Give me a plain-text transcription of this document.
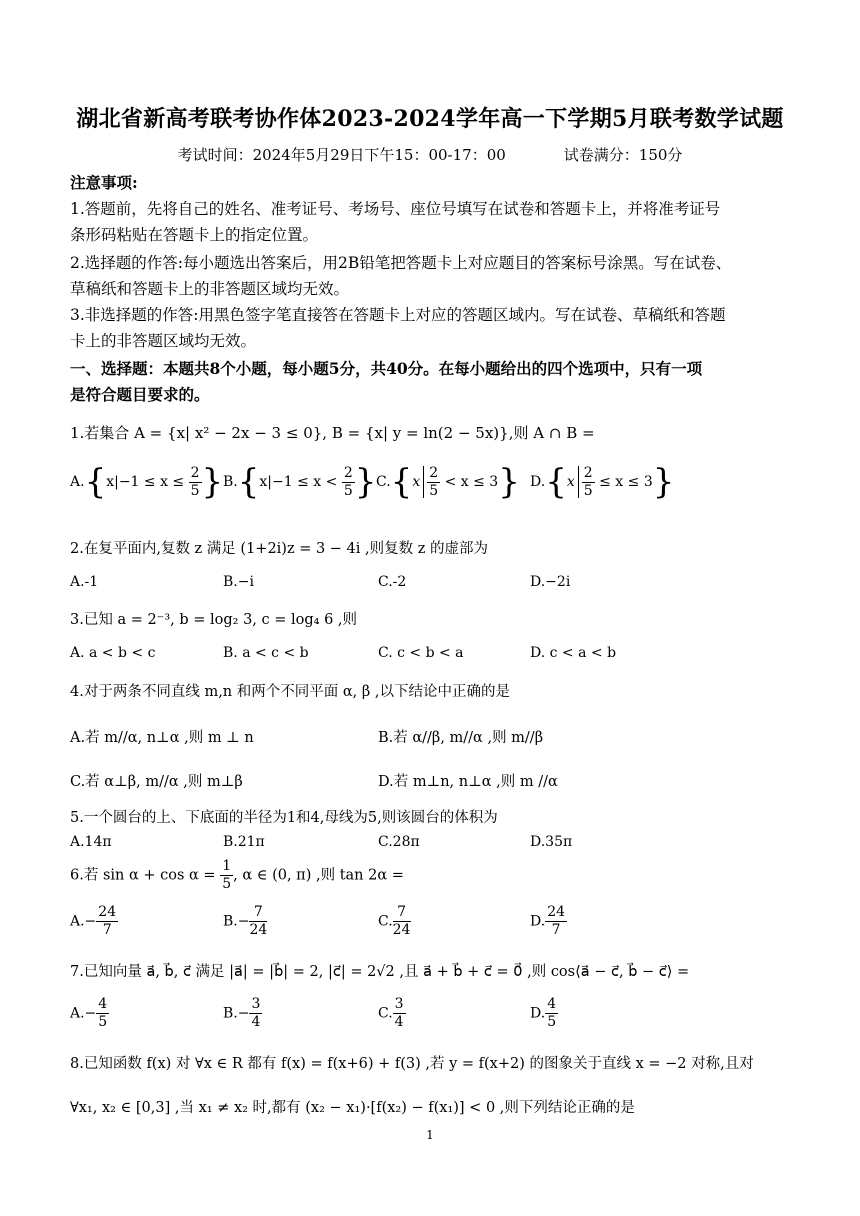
湖北省新高考联考协作体2023-2024学年高一下学期5月联考数学试题
考试时间：2024年5月29日下午15：00-17：00	试卷满分：150分
注意事项:
1.答题前，先将自己的姓名、准考证号、考场号、座位号填写在试卷和答题卡上，并将准考证号
条形码粘贴在答题卡上的指定位置。
2.选择题的作答:每小题选出答案后，用2B铅笔把答题卡上对应题目的答案标号涂黑。写在试卷、
草稿纸和答题卡上的非答题区域均无效。
3.非选择题的作答:用黑色签字笔直接答在答题卡上对应的答题区域内。写在试卷、草稿纸和答题
卡上的非答题区域均无效。
一、选择题：本题共8个小题，每小题5分，共40分。在每小题给出的四个选项中，只有一项
是符合题目要求的。
1.若集合 A = {x| x² − 2x − 3 ≤ 0}, B = {x| y = ln(2 − 5x)},则 A ∩ B =
$A.\{x|-1 \le x \le \frac{2}{5}$ } $B.\{x|-1 \le x < \frac{2}{5}$ } $C.\{x \frac{2}{5} < x \le 3\}$ $D.\{x \frac{2}{5} \le x \le 3\}$
2.在复平面内,复数 z 满足 (1+2i)z = 3 − 4i ,则复数 z 的虚部为
A.-1	B.−i	C.-2	D.−2i
3.已知 a = 2⁻³, b = log₂ 3, c = log₄ 6 ,则
A. a < b < c	B. a < c < b	C. c < b < a	D. c < a < b
4.对于两条不同直线 m,n 和两个不同平面 α, β ,以下结论中正确的是
A.若 m//α, n⊥α ,则 m ⊥ n	B.若 α//β, m//α ,则 m//β
C.若 α⊥β, m//α ,则 m⊥β	D.若 m⊥n, n⊥α ,则 m //α
5.一个圆台的上、下底面的半径为1和4,母线为5,则该圆台的体积为
A.14π	B.21π	C.28π	D.35π
6.若 $\sin \alpha + \cos \alpha = \frac{1}{5}$ , α ∈ (0, π) ,则 tan 2α =
$A.- \frac{24}{7}$	$B.- \frac{7}{24}$	C. $\frac{7}{24}$	D. $\frac{24}{7}$
7.已知向量 a⃗, b⃗, c⃗ 满足 |a⃗| = |b⃗| = 2, |c⃗| = 2√2 ,且 a⃗ + b⃗ + c⃗ = 0⃗ ,则 cos⟨a⃗ − c⃗, b⃗ − c⃗⟩ =
$A.- \frac{4}{5}$	$B.- \frac{3}{4}$	C. $\frac{3}{4}$	D. $\frac{4}{5}$
8.已知函数 f(x) 对 ∀x ∈ R 都有 f(x) = f(x+6) + f(3) ,若 y = f(x+2) 的图象关于直线 x = −2 对称,且对
∀x₁, x₂ ∈ [0,3] ,当 x₁ ≠ x₂ 时,都有 (x₂ − x₁)·[f(x₂) − f(x₁)] < 0 ,则下列结论正确的是
1
